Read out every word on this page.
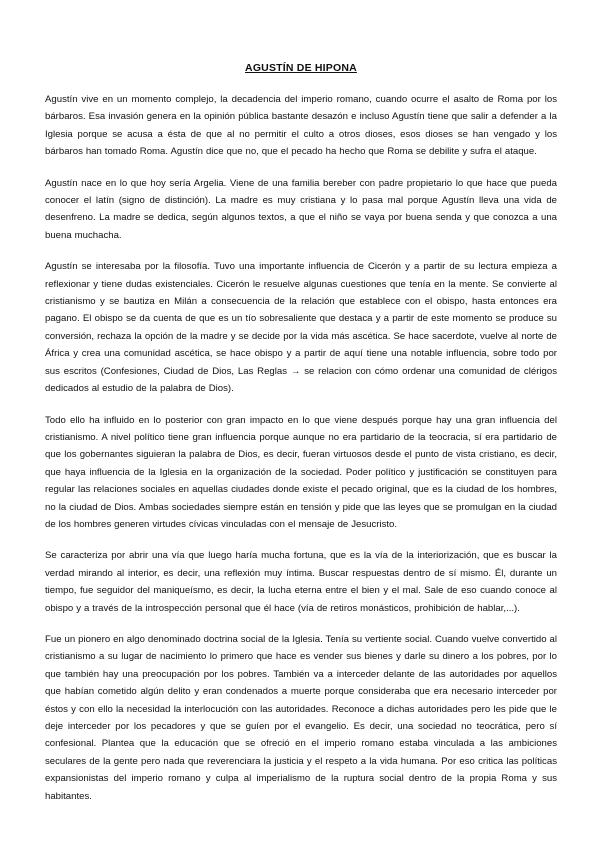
AGUSTÍN DE HIPONA

Agustín vive en un momento complejo, la decadencia del imperio romano, cuando ocurre el asalto de Roma por los bárbaros. Esa invasión genera en la opinión pública bastante desazón e incluso Agustín tiene que salir a defender a la Iglesia porque se acusa a ésta de que al no permitir el culto a otros dioses, esos dioses se han vengado y los bárbaros han tomado Roma. Agustín dice que no, que el pecado ha hecho que Roma se debilite y sufra el ataque.

Agustín nace en lo que hoy sería Argelia. Viene de una familia bereber con padre propietario lo que hace que pueda conocer el latín (signo de distinción). La madre es muy cristiana y lo pasa mal porque Agustín lleva una vida de desenfreno. La madre se dedica, según algunos textos, a que el niño se vaya por buena senda y que conozca a una buena muchacha.

Agustín se interesaba por la filosofía. Tuvo una importante influencia de Cicerón y a partir de su lectura empieza a reflexionar y tiene dudas existenciales. Cicerón le resuelve algunas cuestiones que tenía en la mente. Se convierte al cristianismo y se bautiza en Milán a consecuencia de la relación que establece con el obispo, hasta entonces era pagano. El obispo se da cuenta de que es un tío sobresaliente que destaca y a partir de este momento se produce su conversión, rechaza la opción de la madre y se decide por la vida más ascética. Se hace sacerdote, vuelve al norte de África y crea una comunidad ascética, se hace obispo y a partir de aquí tiene una notable influencia, sobre todo por sus escritos (Confesiones, Ciudad de Dios, Las Reglas → se relacion con cómo ordenar una comunidad de clérigos dedicados al estudio de la palabra de Dios).

Todo ello ha influido en lo posterior con gran impacto en lo que viene después porque hay una gran influencia del cristianismo. A nivel político tiene gran influencia porque aunque no era partidario de la teocracia, sí era partidario de que los gobernantes siguieran la palabra de Dios, es decir, fueran virtuosos desde el punto de vista cristiano, es decir, que haya influencia de la Iglesia en la organización de la sociedad. Poder político y justificación se constituyen para regular las relaciones sociales en aquellas ciudades donde existe el pecado original, que es la ciudad de los hombres, no la ciudad de Dios. Ambas sociedades siempre están en tensión y pide que las leyes que se promulgan en la ciudad de los hombres generen virtudes cívicas vinculadas con el mensaje de Jesucristo.

Se caracteriza por abrir una vía que luego haría mucha fortuna, que es la vía de la interiorización, que es buscar la verdad mirando al interior, es decir, una reflexión muy íntima. Buscar respuestas dentro de sí mismo. Él, durante un tiempo, fue seguidor del maniqueísmo, es decir, la lucha eterna entre el bien y el mal. Sale de eso cuando conoce al obispo y a través de la introspección personal que él hace (vía de retiros monásticos, prohibición de hablar,...).

Fue un pionero en algo denominado doctrina social de la Iglesia. Tenía su vertiente social. Cuando vuelve convertido al cristianismo a su lugar de nacimiento lo primero que hace es vender sus bienes y darle su dinero a los pobres, por lo que también hay una preocupación por los pobres. También va a interceder delante de las autoridades por aquellos que habían cometido algún delito y eran condenados a muerte porque consideraba que era necesario interceder por éstos y con ello la necesidad la interlocución con las autoridades. Reconoce a dichas autoridades pero les pide que le deje interceder por los pecadores y que se guíen por el evangelio. Es decir, una sociedad no teocrática, pero sí confesional. Plantea que la educación que se ofreció en el imperio romano estaba vinculada a las ambiciones seculares de la gente pero nada que reverenciara la justicia y el respeto a la vida humana. Por eso critica las políticas expansionistas del imperio romano y culpa al imperialismo de la ruptura social dentro de la propia Roma y sus habitantes.
